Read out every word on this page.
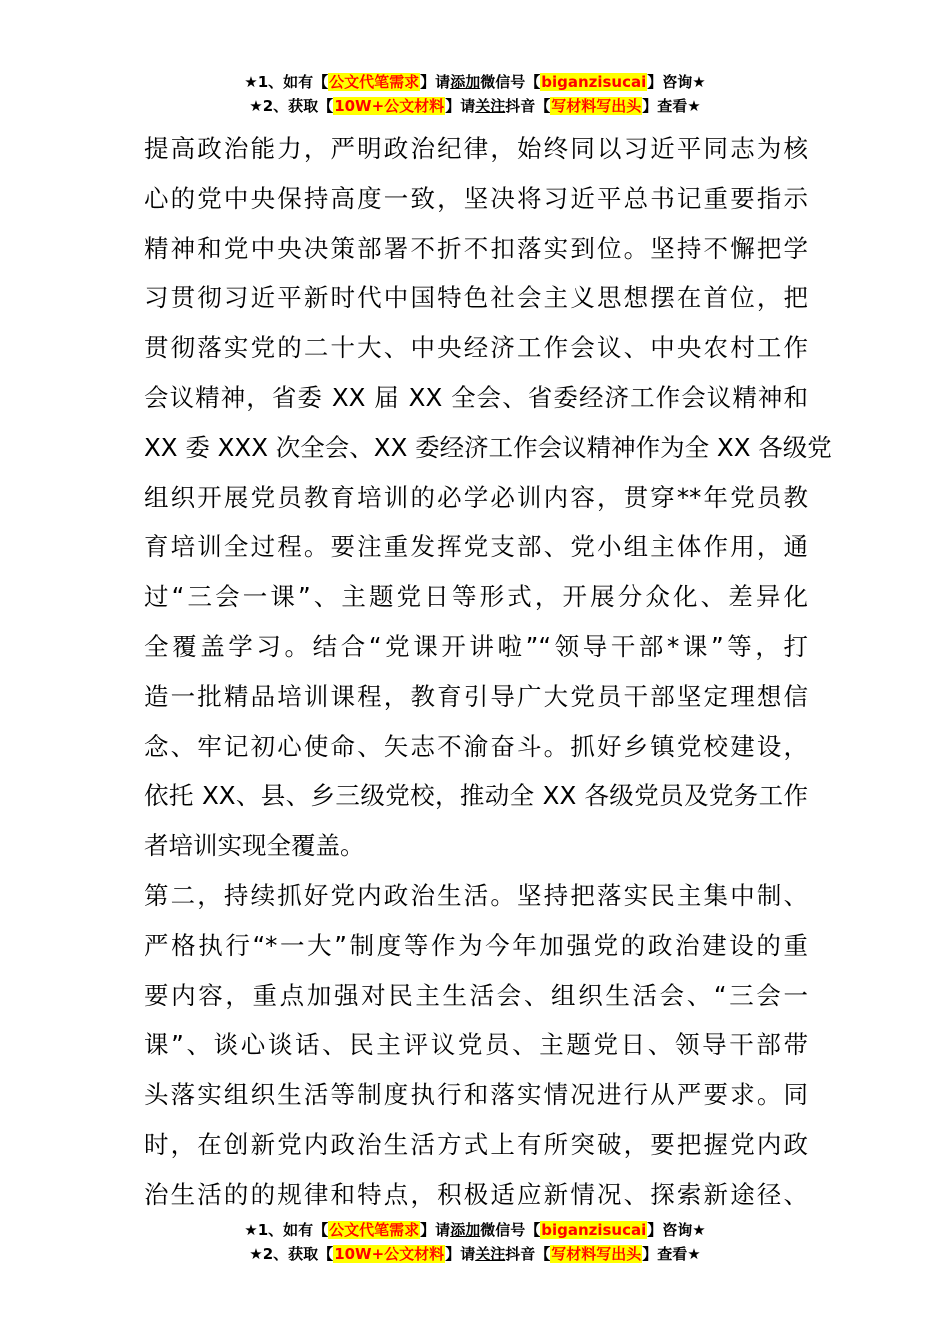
★1、如有【公文代笔需求】请添加微信号【biganzisucai】咨询★
★2、获取【10W+公文材料】请关注抖音【写材料写出头】查看★
提高政治能力，严明政治纪律，始终同以习近平同志为核
心的党中央保持高度一致，坚决将习近平总书记重要指示
精神和党中央决策部署不折不扣落实到位。坚持不懈把学
习贯彻习近平新时代中国特色社会主义思想摆在首位，把
贯彻落实党的二十大、中央经济工作会议、中央农村工作
会议精神，省委 XX 届 XX 全会、省委经济工作会议精神和
XX 委 XXX 次全会、XX 委经济工作会议精神作为全 XX 各级党
组织开展党员教育培训的必学必训内容，贯穿**年党员教
育培训全过程。要注重发挥党支部、党小组主体作用，通
过“三会一课”、主题党日等形式，开展分众化、差异化
全覆盖学习。结合“党课开讲啦”“领导干部*课”等，打
造一批精品培训课程，教育引导广大党员干部坚定理想信
念、牢记初心使命、矢志不渝奋斗。抓好乡镇党校建设，
依托 XX、县、乡三级党校，推动全 XX 各级党员及党务工作
者培训实现全覆盖。
第二，持续抓好党内政治生活。坚持把落实民主集中制、
严格执行“*一大”制度等作为今年加强党的政治建设的重
要内容，重点加强对民主生活会、组织生活会、“三会一
课”、谈心谈话、民主评议党员、主题党日、领导干部带
头落实组织生活等制度执行和落实情况进行从严要求。同
时，在创新党内政治生活方式上有所突破，要把握党内政
治生活的的规律和特点，积极适应新情况、探索新途径、
★1、如有【公文代笔需求】请添加微信号【biganzisucai】咨询★
★2、获取【10W+公文材料】请关注抖音【写材料写出头】查看★
